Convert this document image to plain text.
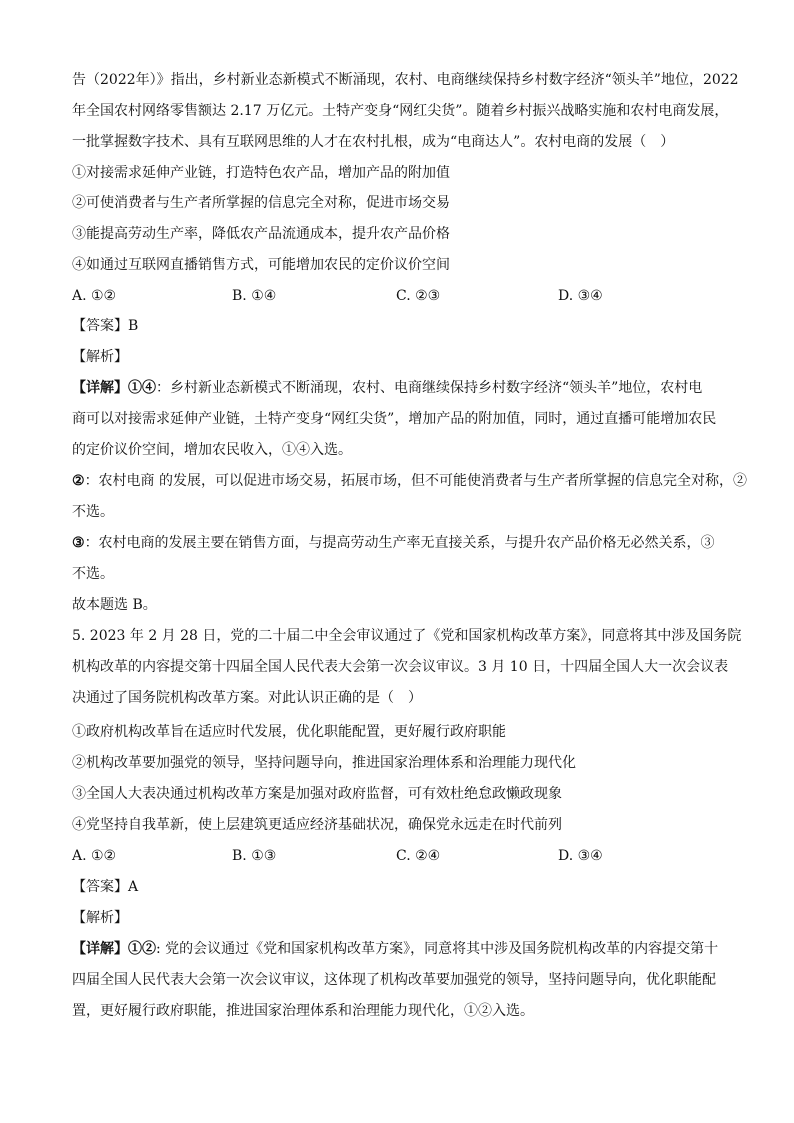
告（2022年）》指出，乡村新业态新模式不断涌现，农村、电商继续保持乡村数字经济“领头羊”地位，2022
年全国农村网络零售额达 2.17 万亿元。土特产变身“网红尖货”。随着乡村振兴战略实施和农村电商发展，
一批掌握数字技术、具有互联网思维的人才在农村扎根，成为“电商达人”。农村电商的发展（　）
①对接需求延伸产业链，打造特色农产品，增加产品的附加值
②可使消费者与生产者所掌握的信息完全对称，促进市场交易
③能提高劳动生产率，降低农产品流通成本，提升农产品价格
④如通过互联网直播销售方式，可能增加农民的定价议价空间
A. ①②	B. ①④	C. ②③	D. ③④
【答案】B
【解析】
【详解】①④：乡村新业态新模式不断涌现，农村、电商继续保持乡村数字经济“领头羊”地位，农村电
商可以对接需求延伸产业链，土特产变身“网红尖货”，增加产品的附加值，同时，通过直播可能增加农民
的定价议价空间，增加农民收入，①④入选。
②：农村电商 的发展，可以促进市场交易，拓展市场，但不可能使消费者与生产者所掌握的信息完全对称，②
不选。
③：农村电商的发展主要在销售方面，与提高劳动生产率无直接关系，与提升农产品价格无必然关系，③
不选。
故本题选 B。
5. 2023 年 2 月 28 日，党的二十届二中全会审议通过了《党和国家机构改革方案》，同意将其中涉及国务院
机构改革的内容提交第十四届全国人民代表大会第一次会议审议。3 月 10 日，十四届全国人大一次会议表
决通过了国务院机构改革方案。对此认识正确的是（　）
①政府机构改革旨在适应时代发展，优化职能配置，更好履行政府职能
②机构改革要加强党的领导，坚持问题导向，推进国家治理体系和治理能力现代化
③全国人大表决通过机构改革方案是加强对政府监督，可有效杜绝怠政懒政现象
④党坚持自我革新，使上层建筑更适应经济基础状况，确保党永远走在时代前列
A. ①②	B. ①③	C. ②④	D. ③④
【答案】A
【解析】
【详解】①②: 党的会议通过《党和国家机构改革方案》，同意将其中涉及国务院机构改革的内容提交第十
四届全国人民代表大会第一次会议审议，这体现了机构改革要加强党的领导，坚持问题导向，优化职能配
置，更好履行政府职能，推进国家治理体系和治理能力现代化，①②入选。
